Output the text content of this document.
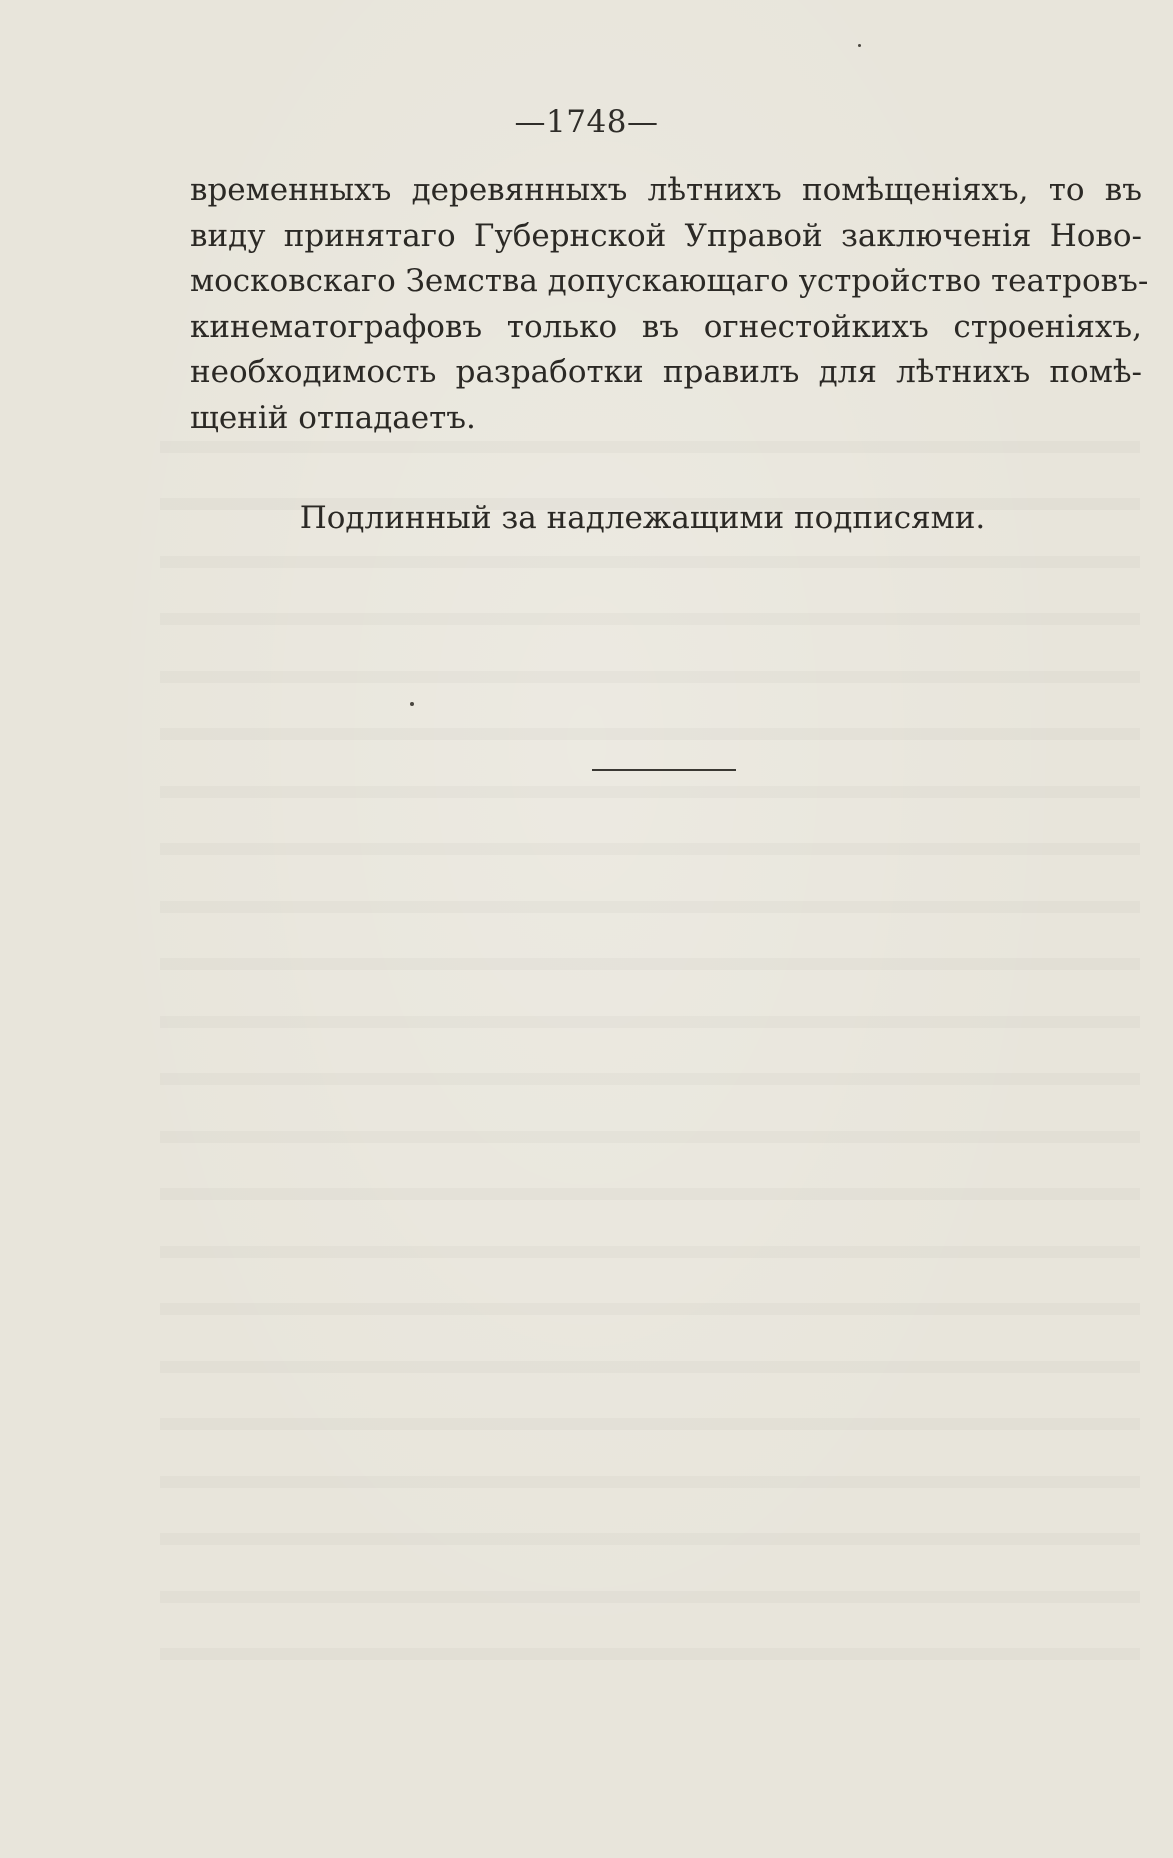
—1748—
временныхъ деревянныхъ лѣтнихъ помѣщеніяхъ, то въ
виду принятаго Губернской Управой заключенія Ново-
московскаго Земства допускающаго устройство театровъ-
кинематографовъ только въ огнестойкихъ строеніяхъ,
необходимость разработки правилъ для лѣтнихъ помѣ-
щеній отпадаетъ.
Подлинный за надлежащими подписями.
